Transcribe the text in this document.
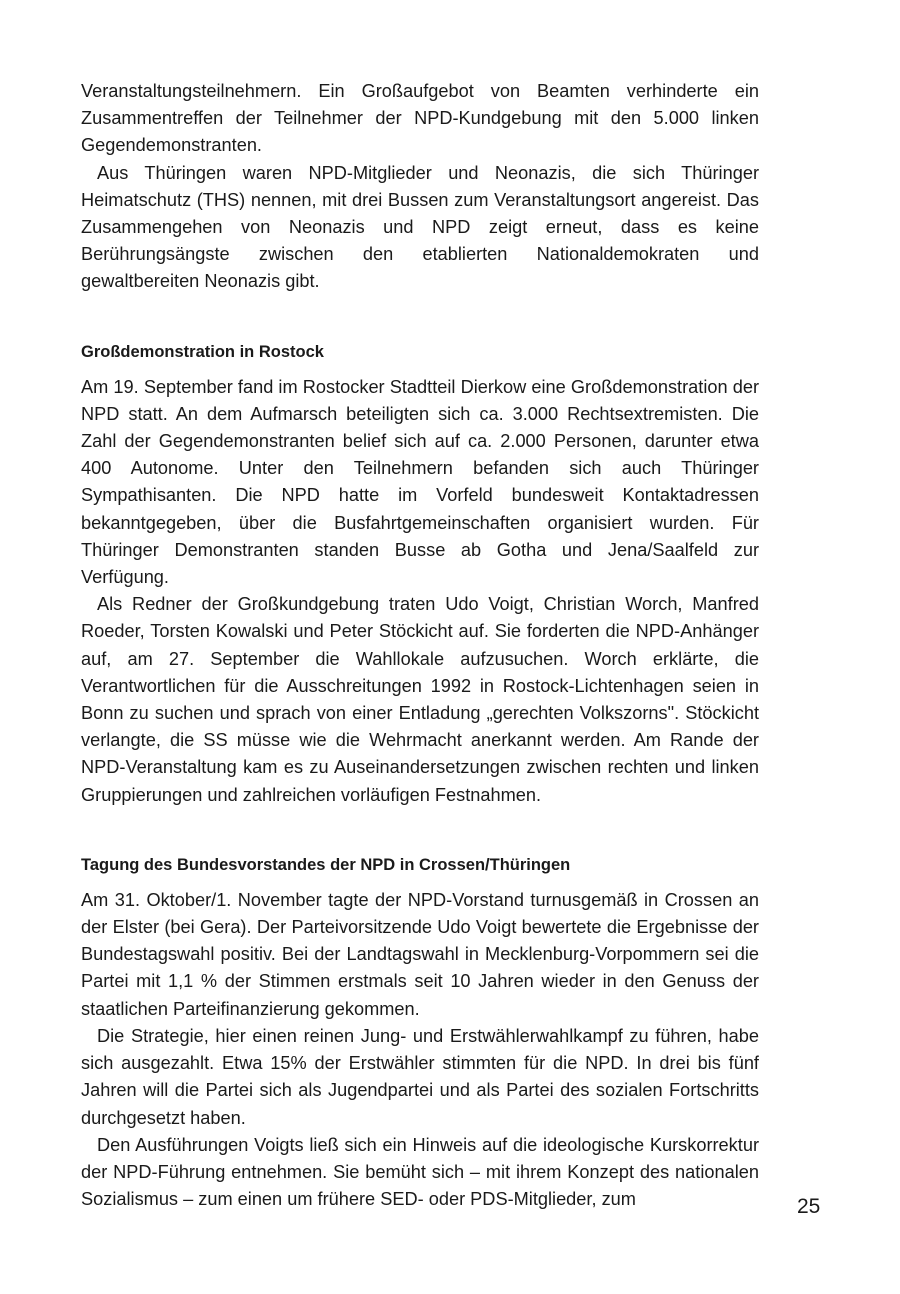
Veranstaltungsteilnehmern. Ein Großaufgebot von Beamten verhinderte ein Zusammentreffen der Teilnehmer der NPD-Kundgebung mit den 5.000 linken Gegendemonstranten.

Aus Thüringen waren NPD-Mitglieder und Neonazis, die sich Thüringer Heimatschutz (THS) nennen, mit drei Bussen zum Veranstaltungsort angereist. Das Zusammengehen von Neonazis und NPD zeigt erneut, dass es keine Berührungsängste zwischen den etablierten Nationaldemokraten und gewaltbereiten Neonazis gibt.

Großdemonstration in Rostock

Am 19. September fand im Rostocker Stadtteil Dierkow eine Großdemonstration der NPD statt. An dem Aufmarsch beteiligten sich ca. 3.000 Rechtsextremisten. Die Zahl der Gegendemonstranten belief sich auf ca. 2.000 Personen, darunter etwa 400 Autonome. Unter den Teilnehmern befanden sich auch Thüringer Sympathisanten. Die NPD hatte im Vorfeld bundesweit Kontaktadressen bekanntgegeben, über die Busfahrtgemeinschaften organisiert wurden. Für Thüringer Demonstranten standen Busse ab Gotha und Jena/Saalfeld zur Verfügung.

Als Redner der Großkundgebung traten Udo Voigt, Christian Worch, Manfred Roeder, Torsten Kowalski und Peter Stöckicht auf. Sie forderten die NPD-Anhänger auf, am 27. September die Wahllokale aufzusuchen. Worch erklärte, die Verantwortlichen für die Ausschreitungen 1992 in Rostock-Lichtenhagen seien in Bonn zu suchen und sprach von einer Entladung „gerechten Volkszorns". Stöckicht verlangte, die SS müsse wie die Wehrmacht anerkannt werden. Am Rande der NPD-Veranstaltung kam es zu Auseinandersetzungen zwischen rechten und linken Gruppierungen und zahlreichen vorläufigen Festnahmen.

Tagung des Bundesvorstandes der NPD in Crossen/Thüringen

Am 31. Oktober/1. November tagte der NPD-Vorstand turnusgemäß in Crossen an der Elster (bei Gera). Der Parteivorsitzende Udo Voigt bewertete die Ergebnisse der Bundestagswahl positiv. Bei der Landtagswahl in Mecklenburg-Vorpommern sei die Partei mit 1,1 % der Stimmen erstmals seit 10 Jahren wieder in den Genuss der staatlichen Parteifinanzierung gekommen.

Die Strategie, hier einen reinen Jung- und Erstwählerwahlkampf zu führen, habe sich ausgezahlt. Etwa 15% der Erstwähler stimmten für die NPD. In drei bis fünf Jahren will die Partei sich als Jugendpartei und als Partei des sozialen Fortschritts durchgesetzt haben.

Den Ausführungen Voigts ließ sich ein Hinweis auf die ideologische Kurskorrektur der NPD-Führung entnehmen. Sie bemüht sich – mit ihrem Konzept des nationalen Sozialismus – zum einen um frühere SED- oder PDS-Mitglieder, zum	25
